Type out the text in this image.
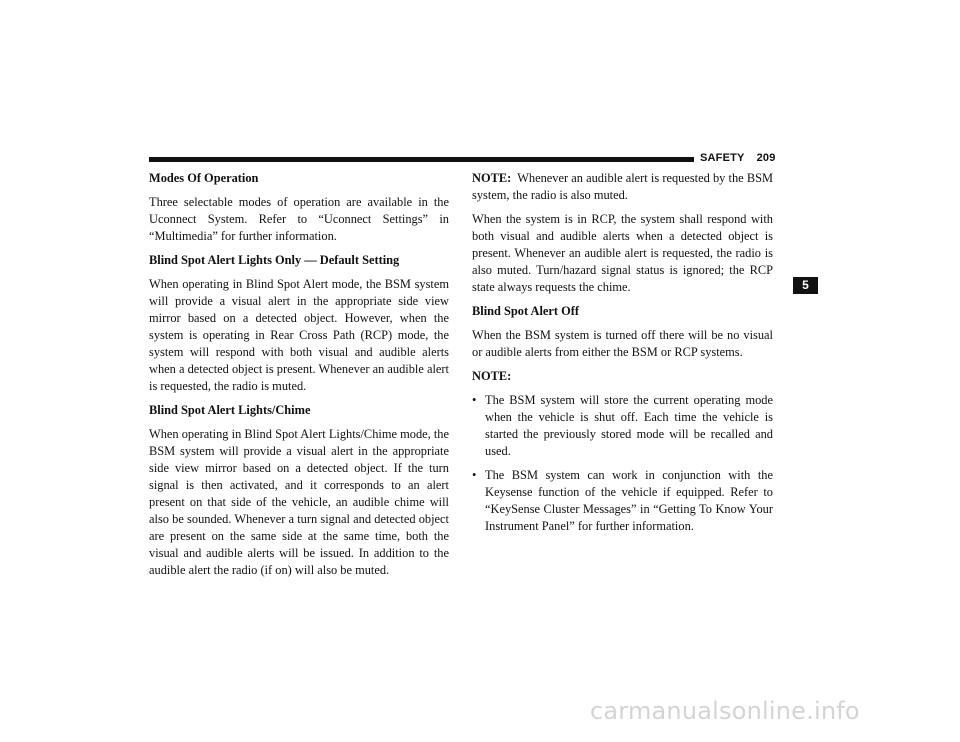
SAFETY 209
Modes Of Operation

Three selectable modes of operation are available in the Uconnect System. Refer to “Uconnect Settings” in “Multimedia” for further information.

Blind Spot Alert Lights Only — Default Setting

When operating in Blind Spot Alert mode, the BSM system will provide a visual alert in the appropriate side view mirror based on a detected object. However, when the system is operating in Rear Cross Path (RCP) mode, the system will respond with both visual and audible alerts when a detected object is present. Whenever an audible alert is requested, the radio is muted.

Blind Spot Alert Lights/Chime

When operating in Blind Spot Alert Lights/Chime mode, the BSM system will provide a visual alert in the appropriate side view mirror based on a detected object. If the turn signal is then activated, and it corresponds to an alert present on that side of the vehicle, an audible chime will also be sounded. Whenever a turn signal and detected object are present on the same side at the same time, both the visual and audible alerts will be issued. In addition to the audible alert the radio (if on) will also be muted.

NOTE: Whenever an audible alert is requested by the BSM system, the radio is also muted.

When the system is in RCP, the system shall respond with both visual and audible alerts when a detected object is present. Whenever an audible alert is requested, the radio is also muted. Turn/hazard signal status is ignored; the RCP state always requests the chime.

Blind Spot Alert Off

When the BSM system is turned off there will be no visual or audible alerts from either the BSM or RCP systems.

NOTE:

• The BSM system will store the current operating mode when the vehicle is shut off. Each time the vehicle is started the previously stored mode will be recalled and used.
• The BSM system can work in conjunction with the Keysense function of the vehicle if equipped. Refer to “KeySense Cluster Messages” in “Getting To Know Your Instrument Panel” for further information.
5
carmanualsonline.info
